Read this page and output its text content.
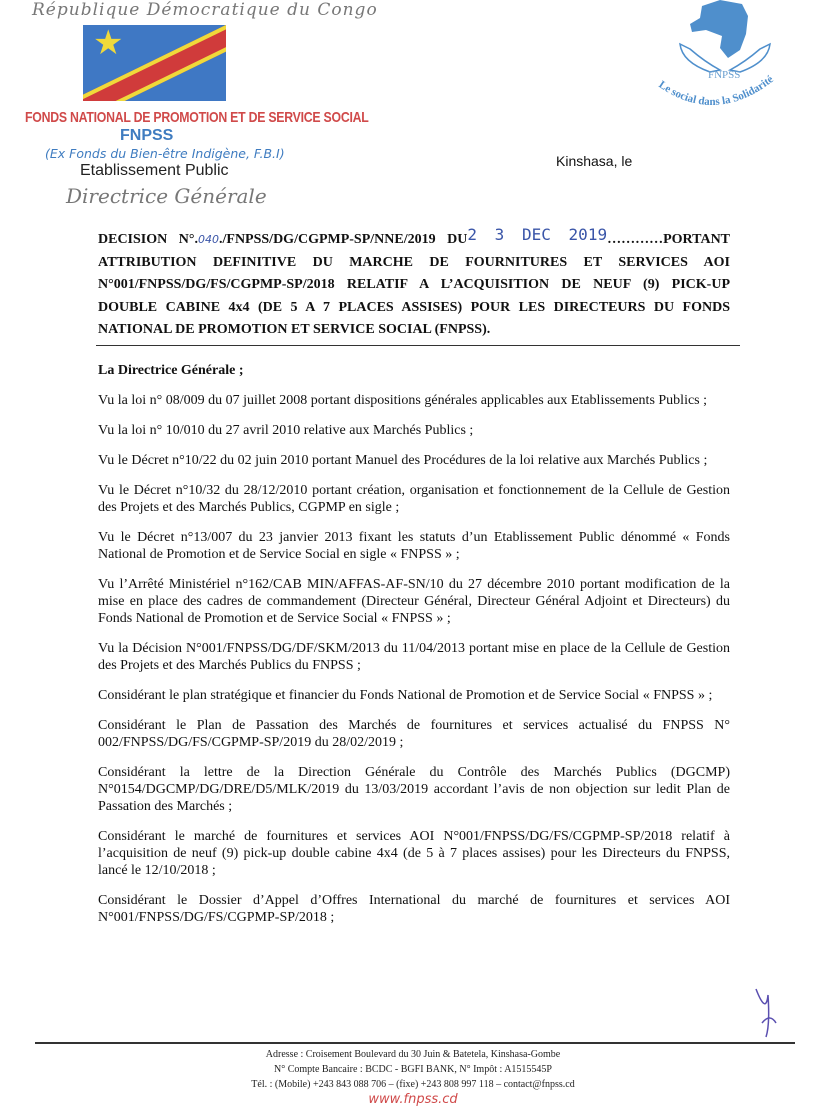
République Démocratique du Congo
★
FONDS NATIONAL DE PROMOTION ET DE SERVICE SOCIAL
FNPSS
(Ex Fonds du Bien-être Indigène, F.B.I)
Etablissement Public
Directrice Générale
FNPSS
Le social dans la Solidarité
Kinshasa, le
DECISION N°.040./FNPSS/DG/CGPMP-SP/NNE/2019 DU2 3 DEC 2019…………PORTANT ATTRIBUTION DEFINITIVE DU MARCHE DE FOURNITURES ET SERVICES AOI N°001/FNPSS/DG/FS/CGPMP-SP/2018 RELATIF A L’ACQUISITION DE NEUF (9) PICK-UP DOUBLE CABINE 4x4 (DE 5 A 7 PLACES ASSISES) POUR LES DIRECTEURS DU FONDS NATIONAL DE PROMOTION ET SERVICE SOCIAL (FNPSS).
La Directrice Générale ;
Vu la loi n° 08/009 du 07 juillet 2008 portant dispositions générales applicables aux Etablissements Publics ;
Vu la loi n° 10/010 du 27 avril 2010 relative aux Marchés Publics ;
Vu le Décret n°10/22 du 02 juin 2010 portant Manuel des Procédures de la loi relative aux Marchés Publics ;
Vu le Décret n°10/32 du 28/12/2010 portant création, organisation et fonctionnement de la Cellule de Gestion des Projets et des Marchés Publics, CGPMP en sigle ;
Vu le Décret n°13/007 du 23 janvier 2013 fixant les statuts d’un Etablissement Public dénommé « Fonds National de Promotion et de Service Social en sigle « FNPSS » ;
Vu l’Arrêté Ministériel n°162/CAB MIN/AFFAS-AF-SN/10 du 27 décembre 2010 portant modification de la mise en place des cadres de commandement (Directeur Général, Directeur Général Adjoint et Directeurs) du Fonds National de Promotion et de Service Social « FNPSS » ;
Vu la Décision N°001/FNPSS/DG/DF/SKM/2013 du 11/04/2013 portant mise en place de la Cellule de Gestion des Projets et des Marchés Publics du FNPSS ;
Considérant le plan stratégique et financier du Fonds National de Promotion et de Service Social « FNPSS » ;
Considérant le Plan de Passation des Marchés de fournitures et services actualisé du FNPSS N° 002/FNPSS/DG/FS/CGPMP-SP/2019 du 28/02/2019 ;
Considérant la lettre de la Direction Générale du Contrôle des Marchés Publics (DGCMP) N°0154/DGCMP/DG/DRE/D5/MLK/2019 du 13/03/2019 accordant l’avis de non objection sur ledit Plan de Passation des Marchés ;
Considérant le marché de fournitures et services AOI N°001/FNPSS/DG/FS/CGPMP-SP/2018 relatif à l’acquisition de neuf (9) pick-up double cabine 4x4 (de 5 à 7 places assises) pour les Directeurs du FNPSS, lancé le 12/10/2018 ;
Considérant le Dossier d’Appel d’Offres International du marché de fournitures et services AOI N°001/FNPSS/DG/FS/CGPMP-SP/2018 ;
Adresse : Croisement Boulevard du 30 Juin & Batetela, Kinshasa-Gombe
N° Compte Bancaire : BCDC - BGFI BANK, N° Impôt : A1515545P
Tél. : (Mobile) +243 843 088 706 – (fixe) +243 808 997 118 – contact@fnpss.cd
www.fnpss.cd
